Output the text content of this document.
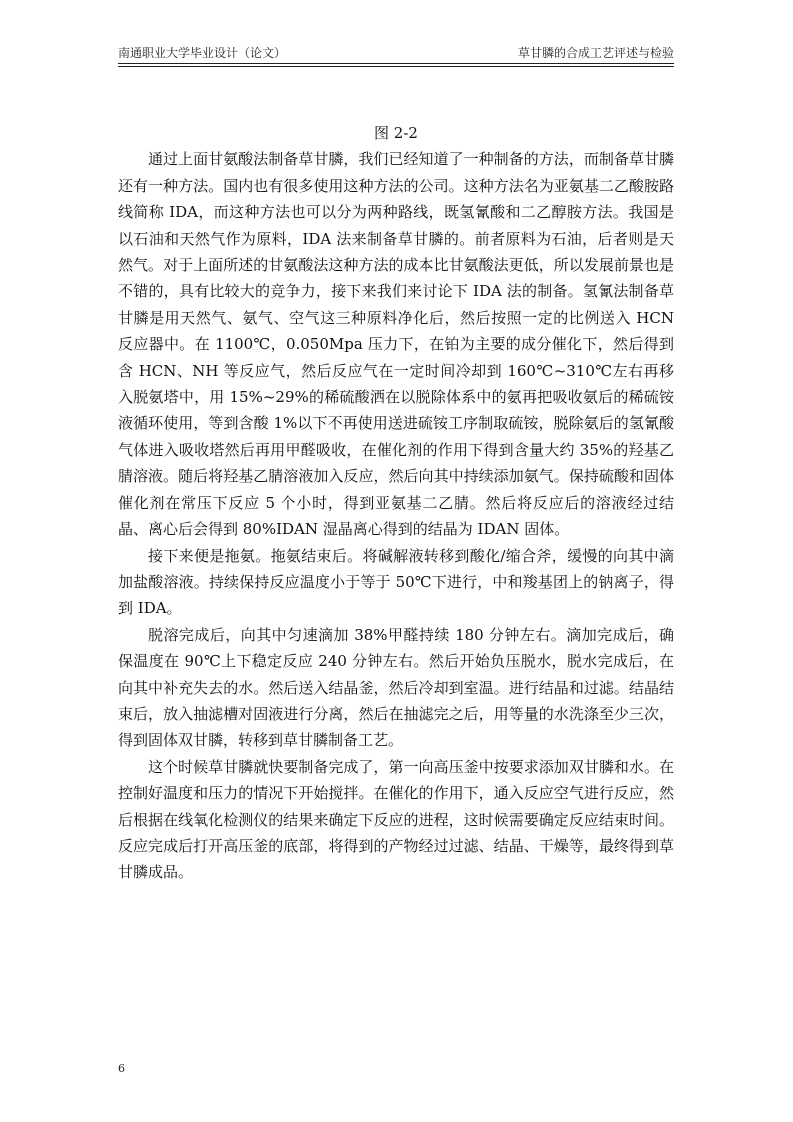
南通职业大学毕业设计（论文）	草甘膦的合成工艺评述与检验
图 2-2

通过上面甘氨酸法制备草甘膦，我们已经知道了一种制备的方法，而制备草甘膦还有一种方法。国内也有很多使用这种方法的公司。这种方法名为亚氨基二乙酸胺路线简称 IDA，而这种方法也可以分为两种路线，既氢氰酸和二乙醇胺方法。我国是以石油和天然气作为原料，IDA 法来制备草甘膦的。前者原料为石油，后者则是天然气。对于上面所述的甘氨酸法这种方法的成本比甘氨酸法更低，所以发展前景也是不错的，具有比较大的竞争力，接下来我们来讨论下 IDA 法的制备。氢氰法制备草甘膦是用天然气、氨气、空气这三种原料净化后，然后按照一定的比例送入 HCN 反应器中。在 1100℃，0.050Mpa 压力下，在铂为主要的成分催化下，然后得到含 HCN、NH 等反应气，然后反应气在一定时间冷却到 160℃~310℃左右再移入脱氨塔中，用 15%~29%的稀硫酸洒在以脱除体系中的氨再把吸收氨后的稀硫铵液循环使用，等到含酸 1%以下不再使用送进硫铵工序制取硫铵，脱除氨后的氢氰酸气体进入吸收塔然后再用甲醛吸收，在催化剂的作用下得到含量大约 35%的羟基乙腈溶液。随后将羟基乙腈溶液加入反应，然后向其中持续添加氨气。保持硫酸和固体催化剂在常压下反应 5 个小时，得到亚氨基二乙腈。然后将反应后的溶液经过结晶、离心后会得到 80%IDAN 湿晶离心得到的结晶为 IDAN 固体。

接下来便是拖氨。拖氨结束后。将碱解液转移到酸化/缩合斧，缓慢的向其中滴加盐酸溶液。持续保持反应温度小于等于 50℃下进行，中和羧基团上的钠离子，得到 IDA。

脱溶完成后，向其中匀速滴加 38%甲醛持续 180 分钟左右。滴加完成后，确保温度在 90℃上下稳定反应 240 分钟左右。然后开始负压脱水，脱水完成后，在向其中补充失去的水。然后送入结晶釜，然后冷却到室温。进行结晶和过滤。结晶结束后，放入抽滤槽对固液进行分离，然后在抽滤完之后，用等量的水洗涤至少三次，得到固体双甘膦，转移到草甘膦制备工艺。

这个时候草甘膦就快要制备完成了，第一向高压釜中按要求添加双甘膦和水。在控制好温度和压力的情况下开始搅拌。在催化的作用下，通入反应空气进行反应，然后根据在线氧化检测仪的结果来确定下反应的进程，这时候需要确定反应结束时间。反应完成后打开高压釜的底部，将得到的产物经过过滤、结晶、干燥等，最终得到草甘膦成品。

6
